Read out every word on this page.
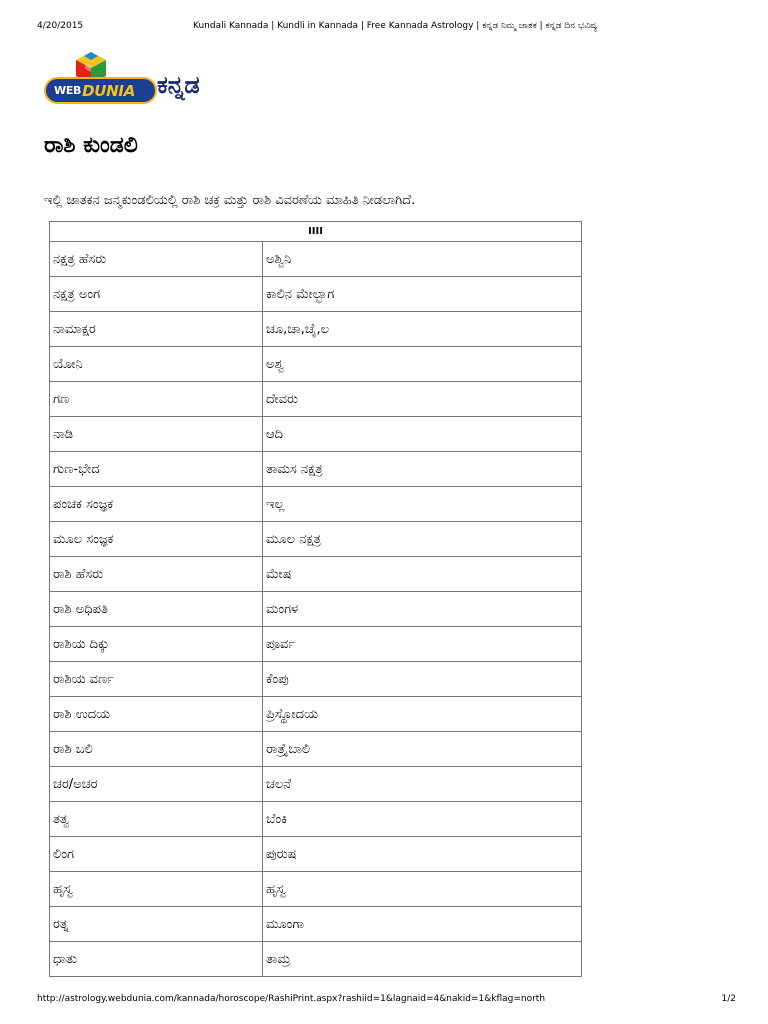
4/20/2015	Kundali Kannada | Kundli in Kannada | Free Kannada Astrology | ಕನ್ನಡ ನಿಮ್ಮ ಜಾತಕ | ಕನ್ನಡ ದಿನ ಭವಿಷ್ಯ
WEB DUNIA ಕನ್ನಡ
ರಾಶಿ ಕುಂಡಲಿ

ಇಲ್ಲಿ ಜಾತಕನ ಜನ್ಮಕುಂಡಲಿಯಲ್ಲಿ ರಾಶಿ ಚಕ್ರ ಮತ್ತು ರಾಶಿ ವಿವರಣೆಯ ಮಾಹಿತಿ ನೀಡಲಾಗಿದೆ.

IIII	
ನಕ್ಷತ್ರ ಹೆಸರು	ಅಶ್ವಿನಿ
ನಕ್ಷತ್ರ ಅಂಗ	ಕಾಲಿನ ಮೇಲ್ಭಾಗ
ನಾಮಾಕ್ಷರ	ಚೂ,ಚಾ,ಚೈ,ಲ
ಯೋನಿ	ಅಶ್ವ
ಗಣ	ದೇವರು
ನಾಡಿ	ಆದಿ
ಗುಣ-ಭೇದ	ತಾಮಸ ನಕ್ಷತ್ರ
ಪಂಚಕ ಸಂಜ್ಞಕ	ಇಲ್ಲ
ಮೂಲ ಸಂಜ್ಞಕ	ಮೂಲ ನಕ್ಷತ್ರ
ರಾಶಿ ಹೆಸರು	ಮೇಷ
ರಾಶಿ ಅಧಿಪತಿ	ಮಂಗಳ
ರಾಶಿಯ ದಿಕ್ಕು	ಪೂರ್ವ
ರಾಶಿಯ ವರ್ಣ	ಕೆಂಪು
ರಾಶಿ ಉದಯ	ಪ್ರಿಸ್ಥೋದಯ
ರಾಶಿ ಬಲಿ	ರಾತ್ರೈಬಾಲಿ
ಚರ/ಅಚರ	ಚಲನೆ
ತತ್ವ	ಬೆಂಕಿ
ಲಿಂಗ	ಪುರುಷ
ಹೃಸ್ವ	ಹೃಸ್ವ
ರತ್ನ	ಮೂಂಗಾ
ಧಾತು	ತಾಮ್ರ
http://astrology.webdunia.com/kannada/horoscope/RashiPrint.aspx?rashiid=1&lagnaid=4&nakid=1&kflag=north	1/2
